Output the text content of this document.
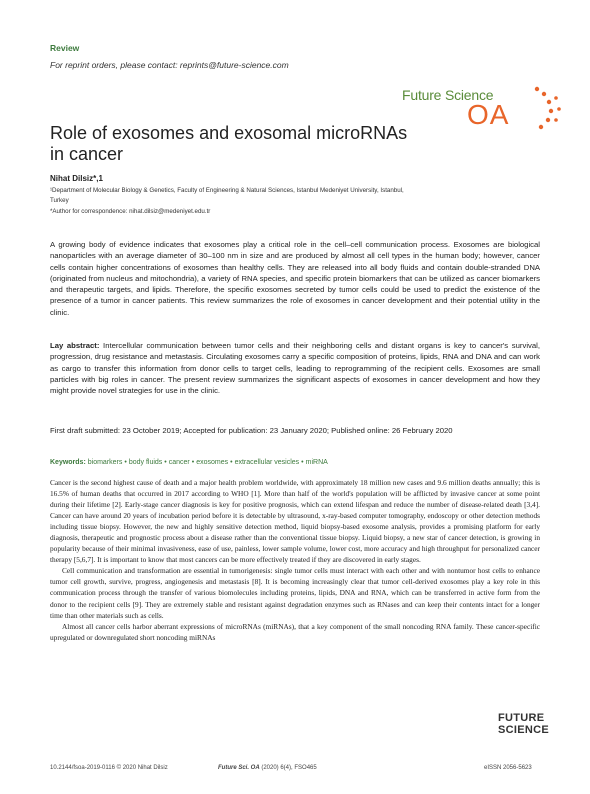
Review
For reprint orders, please contact: reprints@future-science.com
Future Science
OA
Role of exosomes and exosomal microRNAs
in cancer
Nihat Dilsiz*,1
¹Department of Molecular Biology & Genetics, Faculty of Engineering & Natural Sciences, Istanbul Medeniyet University, Istanbul,
Turkey
*Author for correspondence: nihat.dilsiz@medeniyet.edu.tr
A growing body of evidence indicates that exosomes play a critical role in the cell–cell communication process. Exosomes are biological nanoparticles with an average diameter of 30–100 nm in size and are produced by almost all cell types in the human body; however, cancer cells contain higher concentrations of exosomes than healthy cells. They are released into all body fluids and contain double-stranded DNA (originated from nucleus and mitochondria), a variety of RNA species, and specific protein biomarkers that can be utilized as cancer biomarkers and therapeutic targets, and lipids. Therefore, the specific exosomes secreted by tumor cells could be used to predict the existence of the presence of a tumor in cancer patients. This review summarizes the role of exosomes in cancer development and their potential utility in the clinic.
Lay abstract: Intercellular communication between tumor cells and their neighboring cells and distant organs is key to cancer's survival, progression, drug resistance and metastasis. Circulating exosomes carry a specific composition of proteins, lipids, RNA and DNA and can work as cargo to transfer this information from donor cells to target cells, leading to reprogramming of the recipient cells. Exosomes are small particles with big roles in cancer. The present review summarizes the significant aspects of exosomes in cancer development and how they might provide novel strategies for use in the clinic.
First draft submitted: 23 October 2019; Accepted for publication: 23 January 2020; Published online: 26 February 2020
Keywords: biomarkers • body fluids • cancer • exosomes • extracellular vesicles • miRNA

Cancer is the second highest cause of death and a major health problem worldwide, with approximately 18 million new cases and 9.6 million deaths annually; this is 16.5% of human deaths that occurred in 2017 according to WHO [1]. More than half of the world's population will be afflicted by invasive cancer at some point during their lifetime [2]. Early-stage cancer diagnosis is key for positive prognosis, which can extend lifespan and reduce the number of disease-related death [3,4]. Cancer can have around 20 years of incubation period before it is detectable by ultrasound, x-ray-based computer tomography, endoscopy or other detection methods including tissue biopsy. However, the new and highly sensitive detection method, liquid biopsy-based exosome analysis, provides a promising platform for early diagnosis, therapeutic and prognostic process about a disease rather than the conventional tissue biopsy. Liquid biopsy, a new star of cancer detection, is growing in popularity because of their minimal invasiveness, ease of use, painless, lower sample volume, lower cost, more accuracy and high throughput for personalized cancer therapy [5,6,7]. It is important to know that most cancers can be more effectively treated if they are discovered in early stages.

Cell communication and transformation are essential in tumorigenesis: single tumor cells must interact with each other and with nontumor host cells to enhance tumor cell growth, survive, progress, angiogenesis and metastasis [8]. It is becoming increasingly clear that tumor cell-derived exosomes play a key role in this communication process through the transfer of various biomolecules including proteins, lipids, DNA and RNA, which can be transferred in active form from the donor to the recipient cells [9]. They are extremely stable and resistant against degradation enzymes such as RNases and can keep their contents intact for a longer time than other materials such as cells.

Almost all cancer cells harbor aberrant expressions of microRNAs (miRNAs), that a key component of the small noncoding RNA family. These cancer-specific upregulated or downregulated short noncoding miRNAs

FUTURE
SCIENCE
10.2144/fsoa-2019-0116 © 2020 Nihat Dilsiz	Future Sci. OA (2020) 6(4), FSO465	eISSN 2056-5623
